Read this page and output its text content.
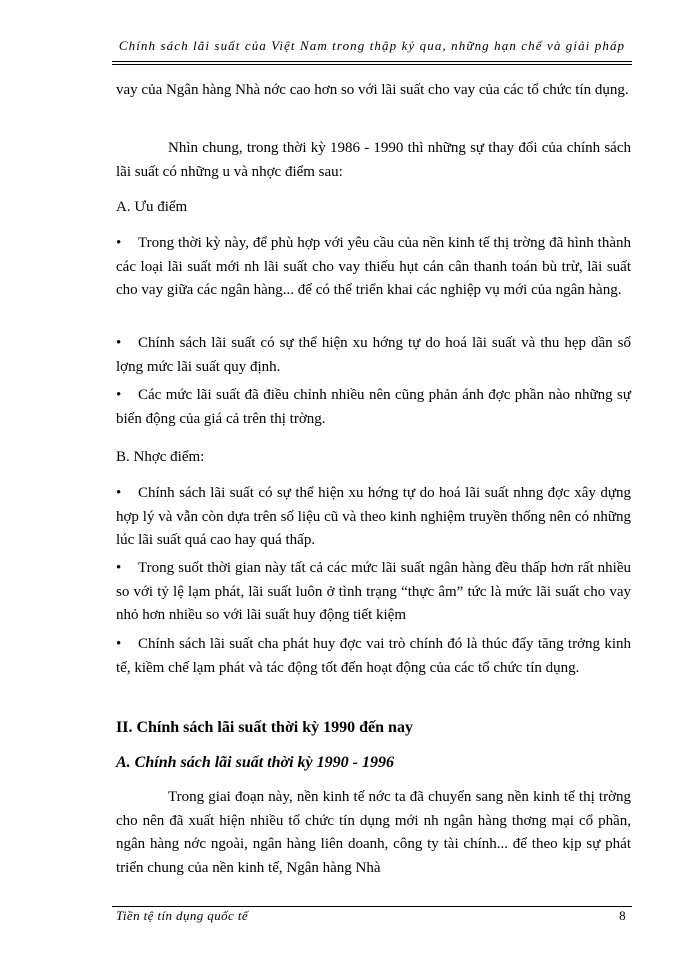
Chính sách lãi suất của Việt Nam trong thập kỷ qua, những hạn chế và giải pháp
vay của Ngân hàng Nhà nớc cao hơn so với lãi suất cho vay của các tổ chức tín dụng.
Nhìn chung, trong thời kỳ 1986 - 1990 thì những sự thay đổi của chính sách lãi suất có những u và nhợc điểm sau:
A. Ưu điểm
• Trong thời kỳ này, để phù hợp với yêu cầu của nền kinh tế thị trờng đã hình thành các loại lãi suất mới nh lãi suất cho vay thiếu hụt cán cân thanh toán bù trừ, lãi suất cho vay giữa các ngân hàng... để có thể triển khai các nghiệp vụ mới của ngân hàng.
• Chính sách lãi suất có sự thể hiện xu hớng tự do hoá lãi suất và thu hẹp dần số lợng mức lãi suất quy định.
• Các mức lãi suất đã điều chỉnh nhiều nên cũng phản ánh đợc phần nào những sự biến động của giá cả trên thị trờng.
B. Nhợc điểm:
• Chính sách lãi suất có sự thể hiện xu hớng tự do hoá lãi suất nhng đợc xây dựng hợp lý và vẫn còn dựa trên số liệu cũ và theo kinh nghiệm truyền thống nên có những lúc lãi suất quá cao hay quá thấp.
• Trong suốt thời gian này tất cả các mức lãi suất ngân hàng đều thấp hơn rất nhiều so với tỷ lệ lạm phát, lãi suất luôn ở tình trạng “thực âm” tức là mức lãi suất cho vay nhỏ hơn nhiều so với lãi suất huy động tiết kiệm
• Chính sách lãi suất cha phát huy đợc vai trò chính đó là thúc đẩy tăng trởng kinh tế, kiềm chế lạm phát và tác động tốt đến hoạt động của các tổ chức tín dụng.
II. Chính sách lãi suất thời kỳ 1990 đến nay
A. Chính sách lãi suất thời kỳ 1990 - 1996
Trong giai đoạn này, nền kinh tế nớc ta đã chuyển sang nền kinh tế thị trờng cho nên đã xuất hiện nhiều tổ chức tín dụng mới nh ngân hàng thơng mại cổ phần, ngân hàng nớc ngoài, ngân hàng liên doanh, công ty tài chính... để theo kịp sự phát triển chung của nền kinh tế, Ngân hàng Nhà
Tiền tệ tín dụng quốc tế	8
